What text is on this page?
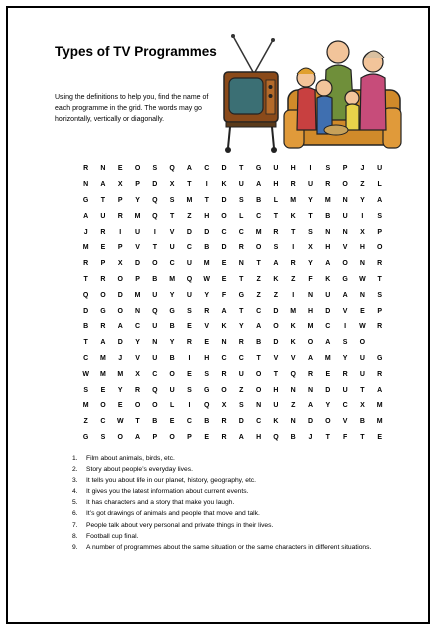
Types of TV Programmes
Using the definitions to help you, find the name of each programme in the grid. The words may go horizontally, vertically or diagonally.
R	N	E	O	S	Q	A	C	D	T	G	U	H	I	S	P	J	U
N	A	X	P	D	X	T	I	K	U	A	H	R	U	R	O	Z	L
G	T	P	Y	Q	S	M	T	D	S	B	L	M	Y	M	N	Y	A
A	U	R	M	Q	T	Z	H	O	L	C	T	K	T	B	U	I	S
J	R	I	U	I	V	D	D	C	C	M	R	T	S	N	N	X	P
M	E	P	V	T	U	C	B	D	R	O	S	I	X	H	V	H	O
R	P	X	D	O	C	U	M	E	N	T	A	R	Y	A	O	N	R
T	R	O	P	B	M	Q	W	E	T	Z	K	Z	F	K	G	W	T
Q	O	D	M	U	Y	U	Y	F	G	Z	Z	I	N	U	A	N	S
D	G	O	N	Q	G	S	R	A	T	C	D	M	H	D	V	E	P
B	R	A	C	U	B	E	V	K	Y	A	O	K	M	C	I	W	R
T	A	D	Y	N	Y	R	E	N	R	B	D	K	O	A	S	O
C	M	J	V	U	B	I	H	C	C	T	V	V	A	M	Y	U	G
W	M	M	X	C	O	E	S	R	U	O	T	Q	R	E	R	U	R
S	E	Y	R	Q	U	S	G	O	Z	O	H	N	N	D	U	T	A
M	O	E	O	O	L	I	Q	X	S	N	U	Z	A	Y	C	X	M
Z	C	W	T	B	E	C	B	R	D	C	K	N	D	O	V	B	M
G	S	O	A	P	O	P	E	R	A	H	Q	B	J	T	F	T	E
1.	Film about animals, birds, etc.
2.	Story about people’s everyday lives.
3.	It tells you about life in our planet, history, geography, etc.
4.	It gives you the latest information about current events.
5.	It has characters and a story that make you laugh.
6.	It’s got drawings of animals and people that move and talk.
7.	People talk about very personal and private things in their lives.
8.	Football cup final.
9.	A number of programmes about the same situation or the same characters in different situations.
